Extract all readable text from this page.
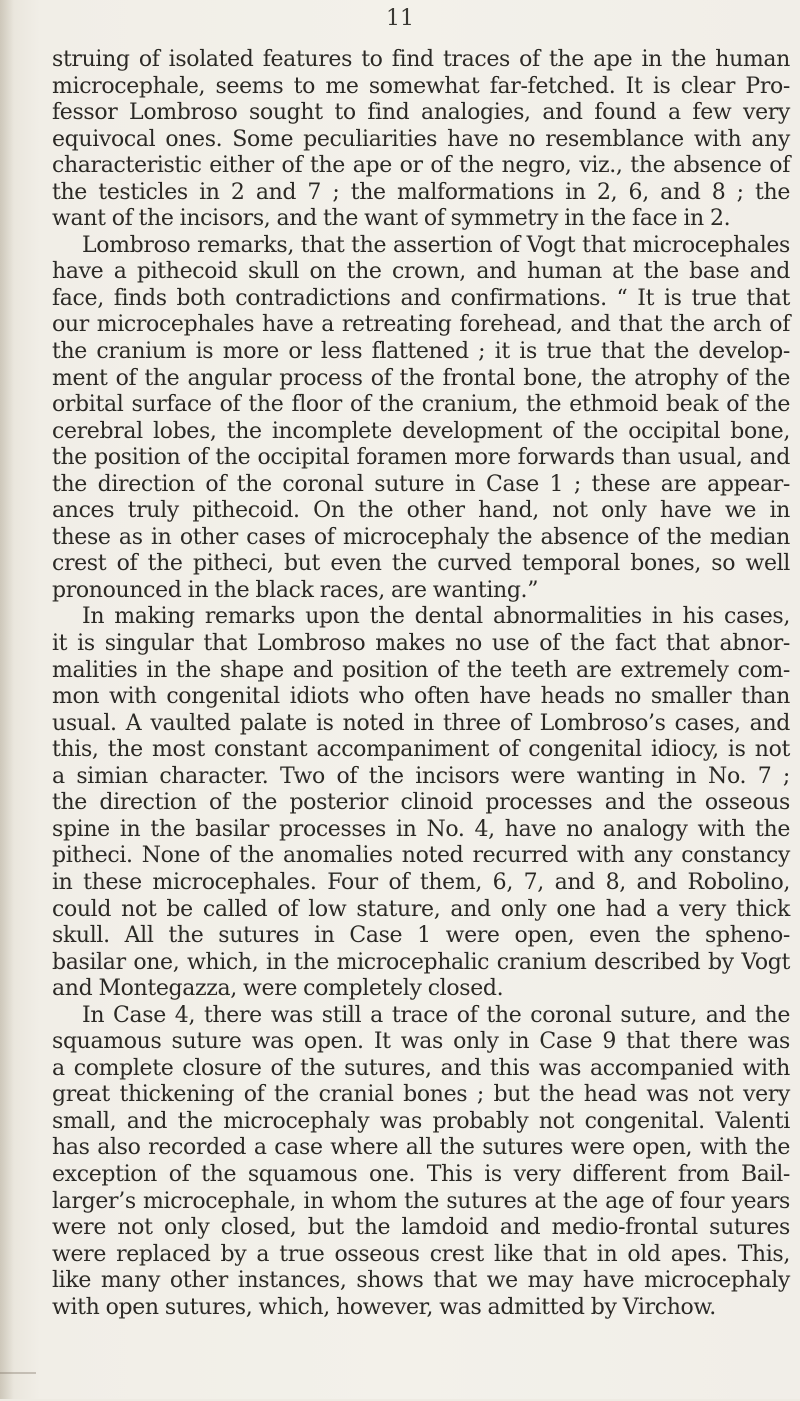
11
struing of isolated features to find traces of the ape in the human
microcephale, seems to me somewhat far-fetched. It is clear Pro-
fessor Lombroso sought to find analogies, and found a few very
equivocal ones. Some peculiarities have no resemblance with any
characteristic either of the ape or of the negro, viz., the absence of
the testicles in 2 and 7 ; the malformations in 2, 6, and 8 ; the
want of the incisors, and the want of symmetry in the face in 2.
Lombroso remarks, that the assertion of Vogt that microcephales
have a pithecoid skull on the crown, and human at the base and
face, finds both contradictions and confirmations. “ It is true that
our microcephales have a retreating forehead, and that the arch of
the cranium is more or less flattened ; it is true that the develop-
ment of the angular process of the frontal bone, the atrophy of the
orbital surface of the floor of the cranium, the ethmoid beak of the
cerebral lobes, the incomplete development of the occipital bone,
the position of the occipital foramen more forwards than usual, and
the direction of the coronal suture in Case 1 ; these are appear-
ances truly pithecoid. On the other hand, not only have we in
these as in other cases of microcephaly the absence of the median
crest of the pitheci, but even the curved temporal bones, so well
pronounced in the black races, are wanting.”
In making remarks upon the dental abnormalities in his cases,
it is singular that Lombroso makes no use of the fact that abnor-
malities in the shape and position of the teeth are extremely com-
mon with congenital idiots who often have heads no smaller than
usual. A vaulted palate is noted in three of Lombroso’s cases, and
this, the most constant accompaniment of congenital idiocy, is not
a simian character. Two of the incisors were wanting in No. 7 ;
the direction of the posterior clinoid processes and the osseous
spine in the basilar processes in No. 4, have no analogy with the
pitheci. None of the anomalies noted recurred with any constancy
in these microcephales. Four of them, 6, 7, and 8, and Robolino,
could not be called of low stature, and only one had a very thick
skull. All the sutures in Case 1 were open, even the spheno-
basilar one, which, in the microcephalic cranium described by Vogt
and Montegazza, were completely closed.
In Case 4, there was still a trace of the coronal suture, and the
squamous suture was open. It was only in Case 9 that there was
a complete closure of the sutures, and this was accompanied with
great thickening of the cranial bones ; but the head was not very
small, and the microcephaly was probably not congenital. Valenti
has also recorded a case where all the sutures were open, with the
exception of the squamous one. This is very different from Bail-
larger’s microcephale, in whom the sutures at the age of four years
were not only closed, but the lamdoid and medio-frontal sutures
were replaced by a true osseous crest like that in old apes. This,
like many other instances, shows that we may have microcephaly
with open sutures, which, however, was admitted by Virchow.
